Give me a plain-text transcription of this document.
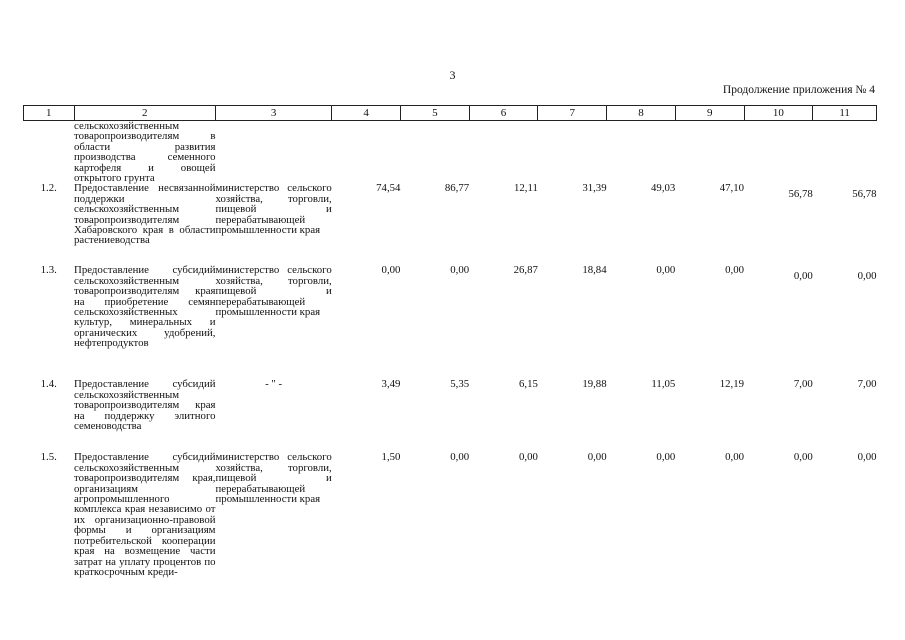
3
Продолжение приложения № 4
1	2	3	4	5	6	7	8	9	10	11
	сельскохозяйственным товаропроизводителям в области развития производства семенного картофеля и овощей открытого грунта									
1.2.	Предоставление несвязанной поддержки сельскохозяйственным товаропроизводителям Хабаровского края в области растениеводства	министерство сельского хозяйства, торговли, пищевой и перерабатывающей промышленности края	74,54	86,77	12,11	31,39	49,03	47,10	56,78	56,78
1.3.	Предоставление субсидий сельскохозяйственным товаропроизводителям края на приобретение семян сельскохозяйственных культур, минеральных и органических удобрений, нефтепродуктов	министерство сельского хозяйства, торговли, пищевой и перерабатывающей промышленности края	0,00	0,00	26,87	18,84	0,00	0,00	0,00	0,00
1.4.	Предоставление субсидий сельскохозяйственным товаропроизводителям края на поддержку элитного семеноводства	- " -	3,49	5,35	6,15	19,88	11,05	12,19	7,00	7,00
1.5.	Предоставление субсидий сельскохозяйственным товаропроизводителям края, организациям агропромышленного комплекса края независимо от их организационно-правовой формы и организациям потребительской кооперации края на возмещение части затрат на уплату процентов по краткосрочным креди-	министерство сельского хозяйства, торговли, пищевой и перерабатывающей промышленности края	1,50	0,00	0,00	0,00	0,00	0,00	0,00	0,00
